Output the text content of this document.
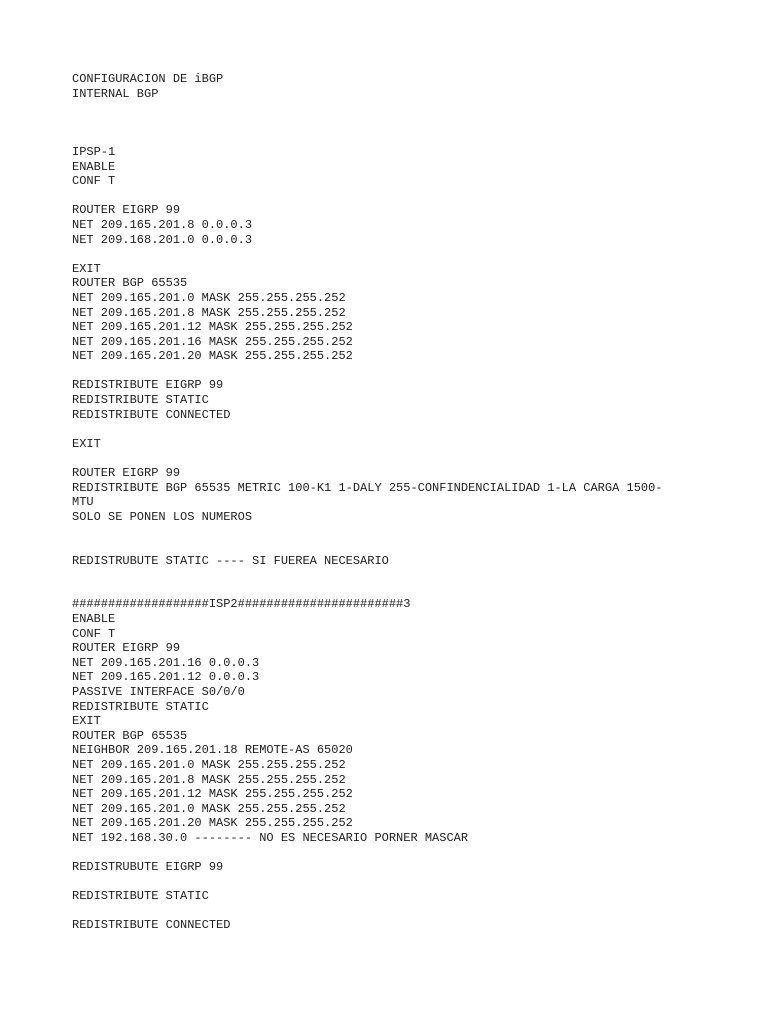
CONFIGURACION DE iBGP
INTERNAL BGP
IPSP-1
ENABLE
CONF T
ROUTER EIGRP 99
NET 209.165.201.8 0.0.0.3
NET 209.168.201.0 0.0.0.3
EXIT
ROUTER BGP 65535
NET 209.165.201.0 MASK 255.255.255.252
NET 209.165.201.8 MASK 255.255.255.252
NET 209.165.201.12 MASK 255.255.255.252
NET 209.165.201.16 MASK 255.255.255.252
NET 209.165.201.20 MASK 255.255.255.252
REDISTRIBUTE EIGRP 99
REDISTRIBUTE STATIC
REDISTRIBUTE CONNECTED
EXIT
ROUTER EIGRP 99
REDISTRIBUTE BGP 65535 METRIC 100-K1 1-DALY 255-CONFINDENCIALIDAD 1-LA CARGA 1500-
MTU
SOLO SE PONEN LOS NUMEROS
REDISTRUBUTE STATIC ---- SI FUEREA NECESARIO
###################ISP2#######################3
ENABLE
CONF T
ROUTER EIGRP 99
NET 209.165.201.16 0.0.0.3
NET 209.165.201.12 0.0.0.3
PASSIVE INTERFACE S0/0/0
REDISTRIBUTE STATIC
EXIT
ROUTER BGP 65535
NEIGHBOR 209.165.201.18 REMOTE-AS 65020
NET 209.165.201.0 MASK 255.255.255.252
NET 209.165.201.8 MASK 255.255.255.252
NET 209.165.201.12 MASK 255.255.255.252
NET 209.165.201.0 MASK 255.255.255.252
NET 209.165.201.20 MASK 255.255.255.252
NET 192.168.30.0 -------- NO ES NECESARIO PORNER MASCAR
REDISTRUBUTE EIGRP 99
REDISTRIBUTE STATIC
REDISTRIBUTE CONNECTED
